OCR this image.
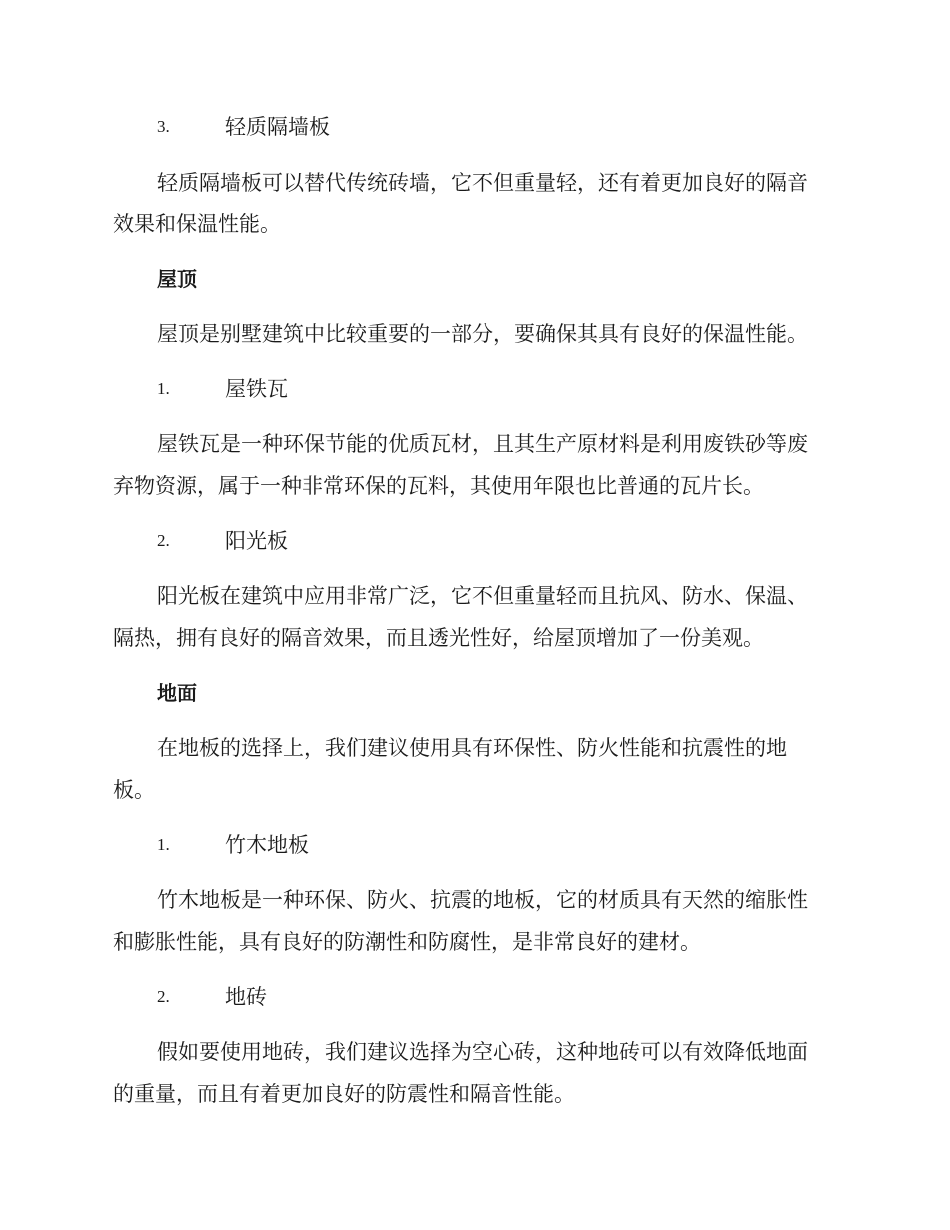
3.	轻质隔墙板
轻质隔墙板可以替代传统砖墙，它不但重量轻，还有着更加良好的隔音
效果和保温性能。
屋顶
屋顶是别墅建筑中比较重要的一部分，要确保其具有良好的保温性能。
1.	屋铁瓦
屋铁瓦是一种环保节能的优质瓦材，且其生产原材料是利用废铁砂等废
弃物资源，属于一种非常环保的瓦料，其使用年限也比普通的瓦片长。
2.	阳光板
阳光板在建筑中应用非常广泛，它不但重量轻而且抗风、防水、保温、
隔热，拥有良好的隔音效果，而且透光性好，给屋顶增加了一份美观。
地面
在地板的选择上，我们建议使用具有环保性、防火性能和抗震性的地
板。
1.	竹木地板
竹木地板是一种环保、防火、抗震的地板，它的材质具有天然的缩胀性
和膨胀性能，具有良好的防潮性和防腐性，是非常良好的建材。
2.	地砖
假如要使用地砖，我们建议选择为空心砖，这种地砖可以有效降低地面
的重量，而且有着更加良好的防震性和隔音性能。
